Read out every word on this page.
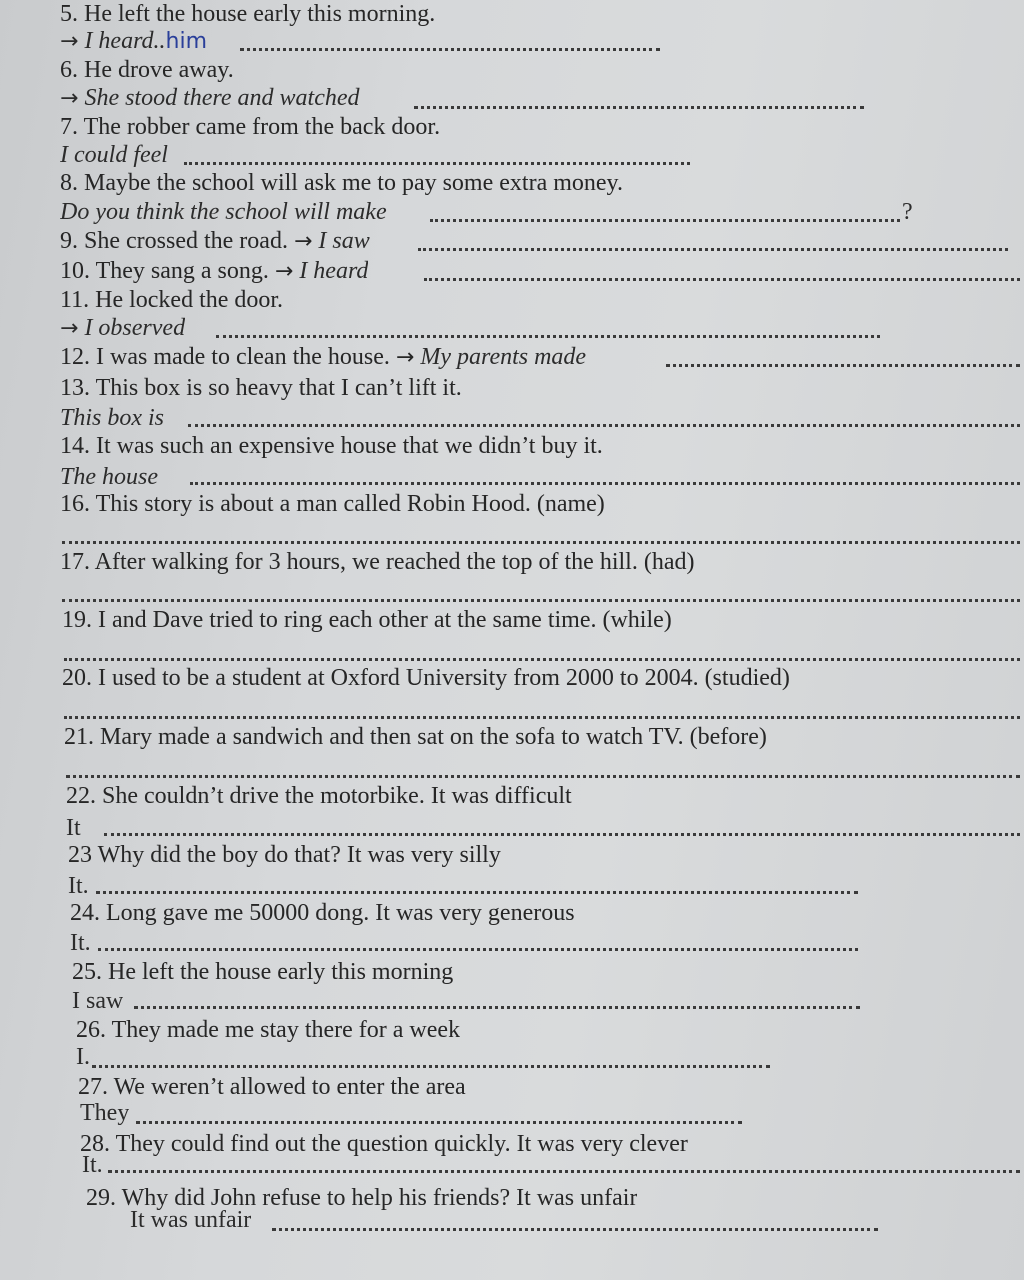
5. He left the house early this morning.
→ I heard..him
6. He drove away.
→ She stood there and watched
7. The robber came from the back door.
I could feel
8. Maybe the school will ask me to pay some extra money.
Do you think the school will make	?
9. She crossed the road. → I saw
10. They sang a song. → I heard
11. He locked the door.
→ I observed
12. I was made to clean the house. → My parents made
13. This box is so heavy that I can’t lift it.
This box is
14. It was such an expensive house that we didn’t buy it.
The house
16. This story is about a man called Robin Hood. (name)
17. After walking for 3 hours, we reached the top of the hill. (had)
19. I and Dave tried to ring each other at the same time. (while)
20. I used to be a student at Oxford University from 2000 to 2004. (studied)
21. Mary made a sandwich and then sat on the sofa to watch TV. (before)
22. She couldn’t drive the motorbike. It was difficult
It
23 Why did the boy do that? It was very silly
It.
24. Long gave me 50000 dong. It was very generous
It.
25. He left the house early this morning
I saw
26. They made me stay there for a week
I.
27. We weren’t allowed to enter the area
They
28. They could find out the question quickly. It was very clever
It.
29. Why did John refuse to help his friends? It was unfair
It was unfair
